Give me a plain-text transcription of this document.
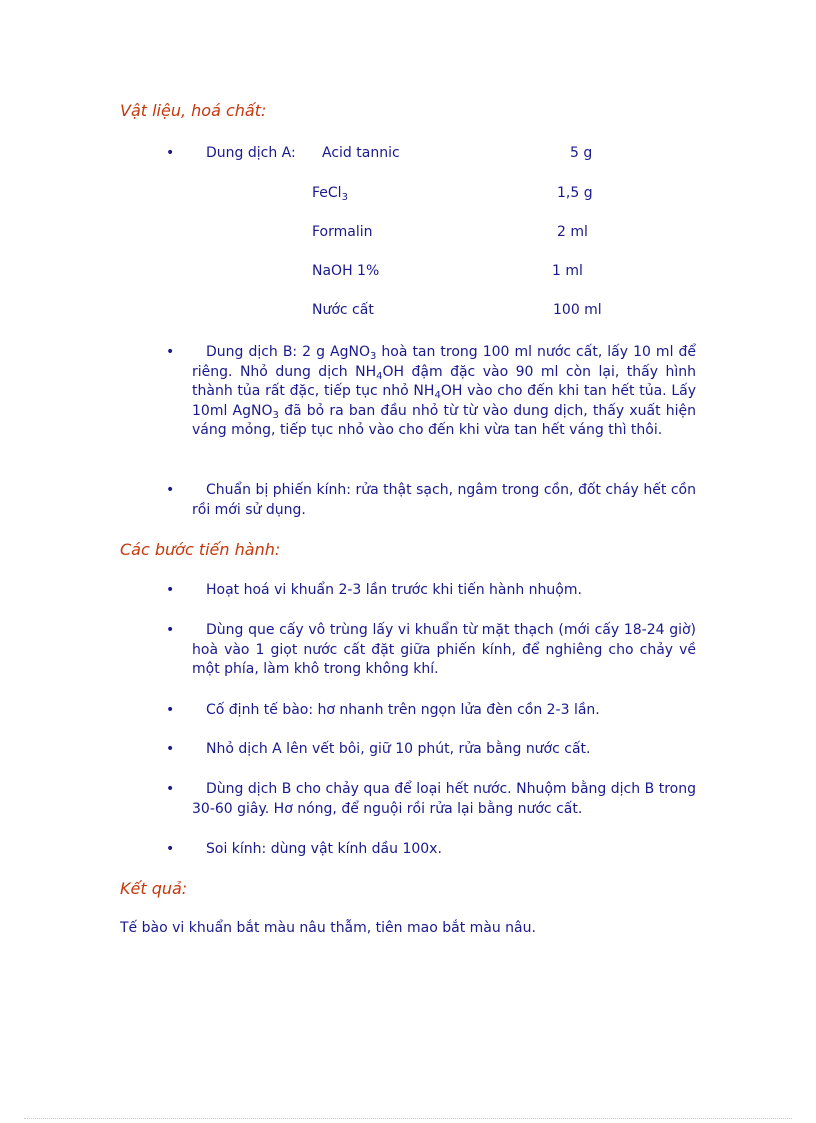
Vật liệu, hoá chất:
• Dung dịch A: Acid tannic	5 g
FeCl$_3$	1,5 g
Formalin	2 ml
NaOH 1%	1 ml
Nước cất	100 ml
•	Dung dịch B: 2 g AgNO$_3$ hoà tan trong 100 ml nước cất, lấy 10 ml để riêng. Nhỏ dung dịch $NH_4OH$ đậm đặc vào 90 ml còn lại, thấy hình thành tủa rất đặc, tiếp tục nhỏ $NH_4OH$ vào cho đến khi tan hết tủa. Lấy 10ml AgNO$_3$ đã bỏ ra ban đầu nhỏ từ từ vào dung dịch, thấy xuất hiện váng mỏng, tiếp tục nhỏ vào cho đến khi vừa tan hết váng thì thôi.
•	Chuẩn bị phiến kính: rửa thật sạch, ngâm trong cồn, đốt cháy hết cồn rồi mới sử dụng.
Các bước tiến hành:
• Hoạt hoá vi khuẩn 2-3 lần trước khi tiến hành nhuộm.
•	Dùng que cấy vô trùng lấy vi khuẩn từ mặt thạch (mới cấy 18-24 giờ) hoà vào 1 giọt nước cất đặt giữa phiến kính, để nghiêng cho chảy về một phía, làm khô trong không khí.
• Cố định tế bào: hơ nhanh trên ngọn lửa đèn cồn 2-3 lần.
• Nhỏ dịch A lên vết bôi, giữ 10 phút, rửa bằng nước cất.
•	Dùng dịch B cho chảy qua để loại hết nước. Nhuộm bằng dịch B trong 30-60 giây. Hơ nóng, để nguội rồi rửa lại bằng nước cất.
• Soi kính: dùng vật kính dầu 100x.
Kết quả:
Tế bào vi khuẩn bắt màu nâu thẫm, tiên mao bắt màu nâu.
